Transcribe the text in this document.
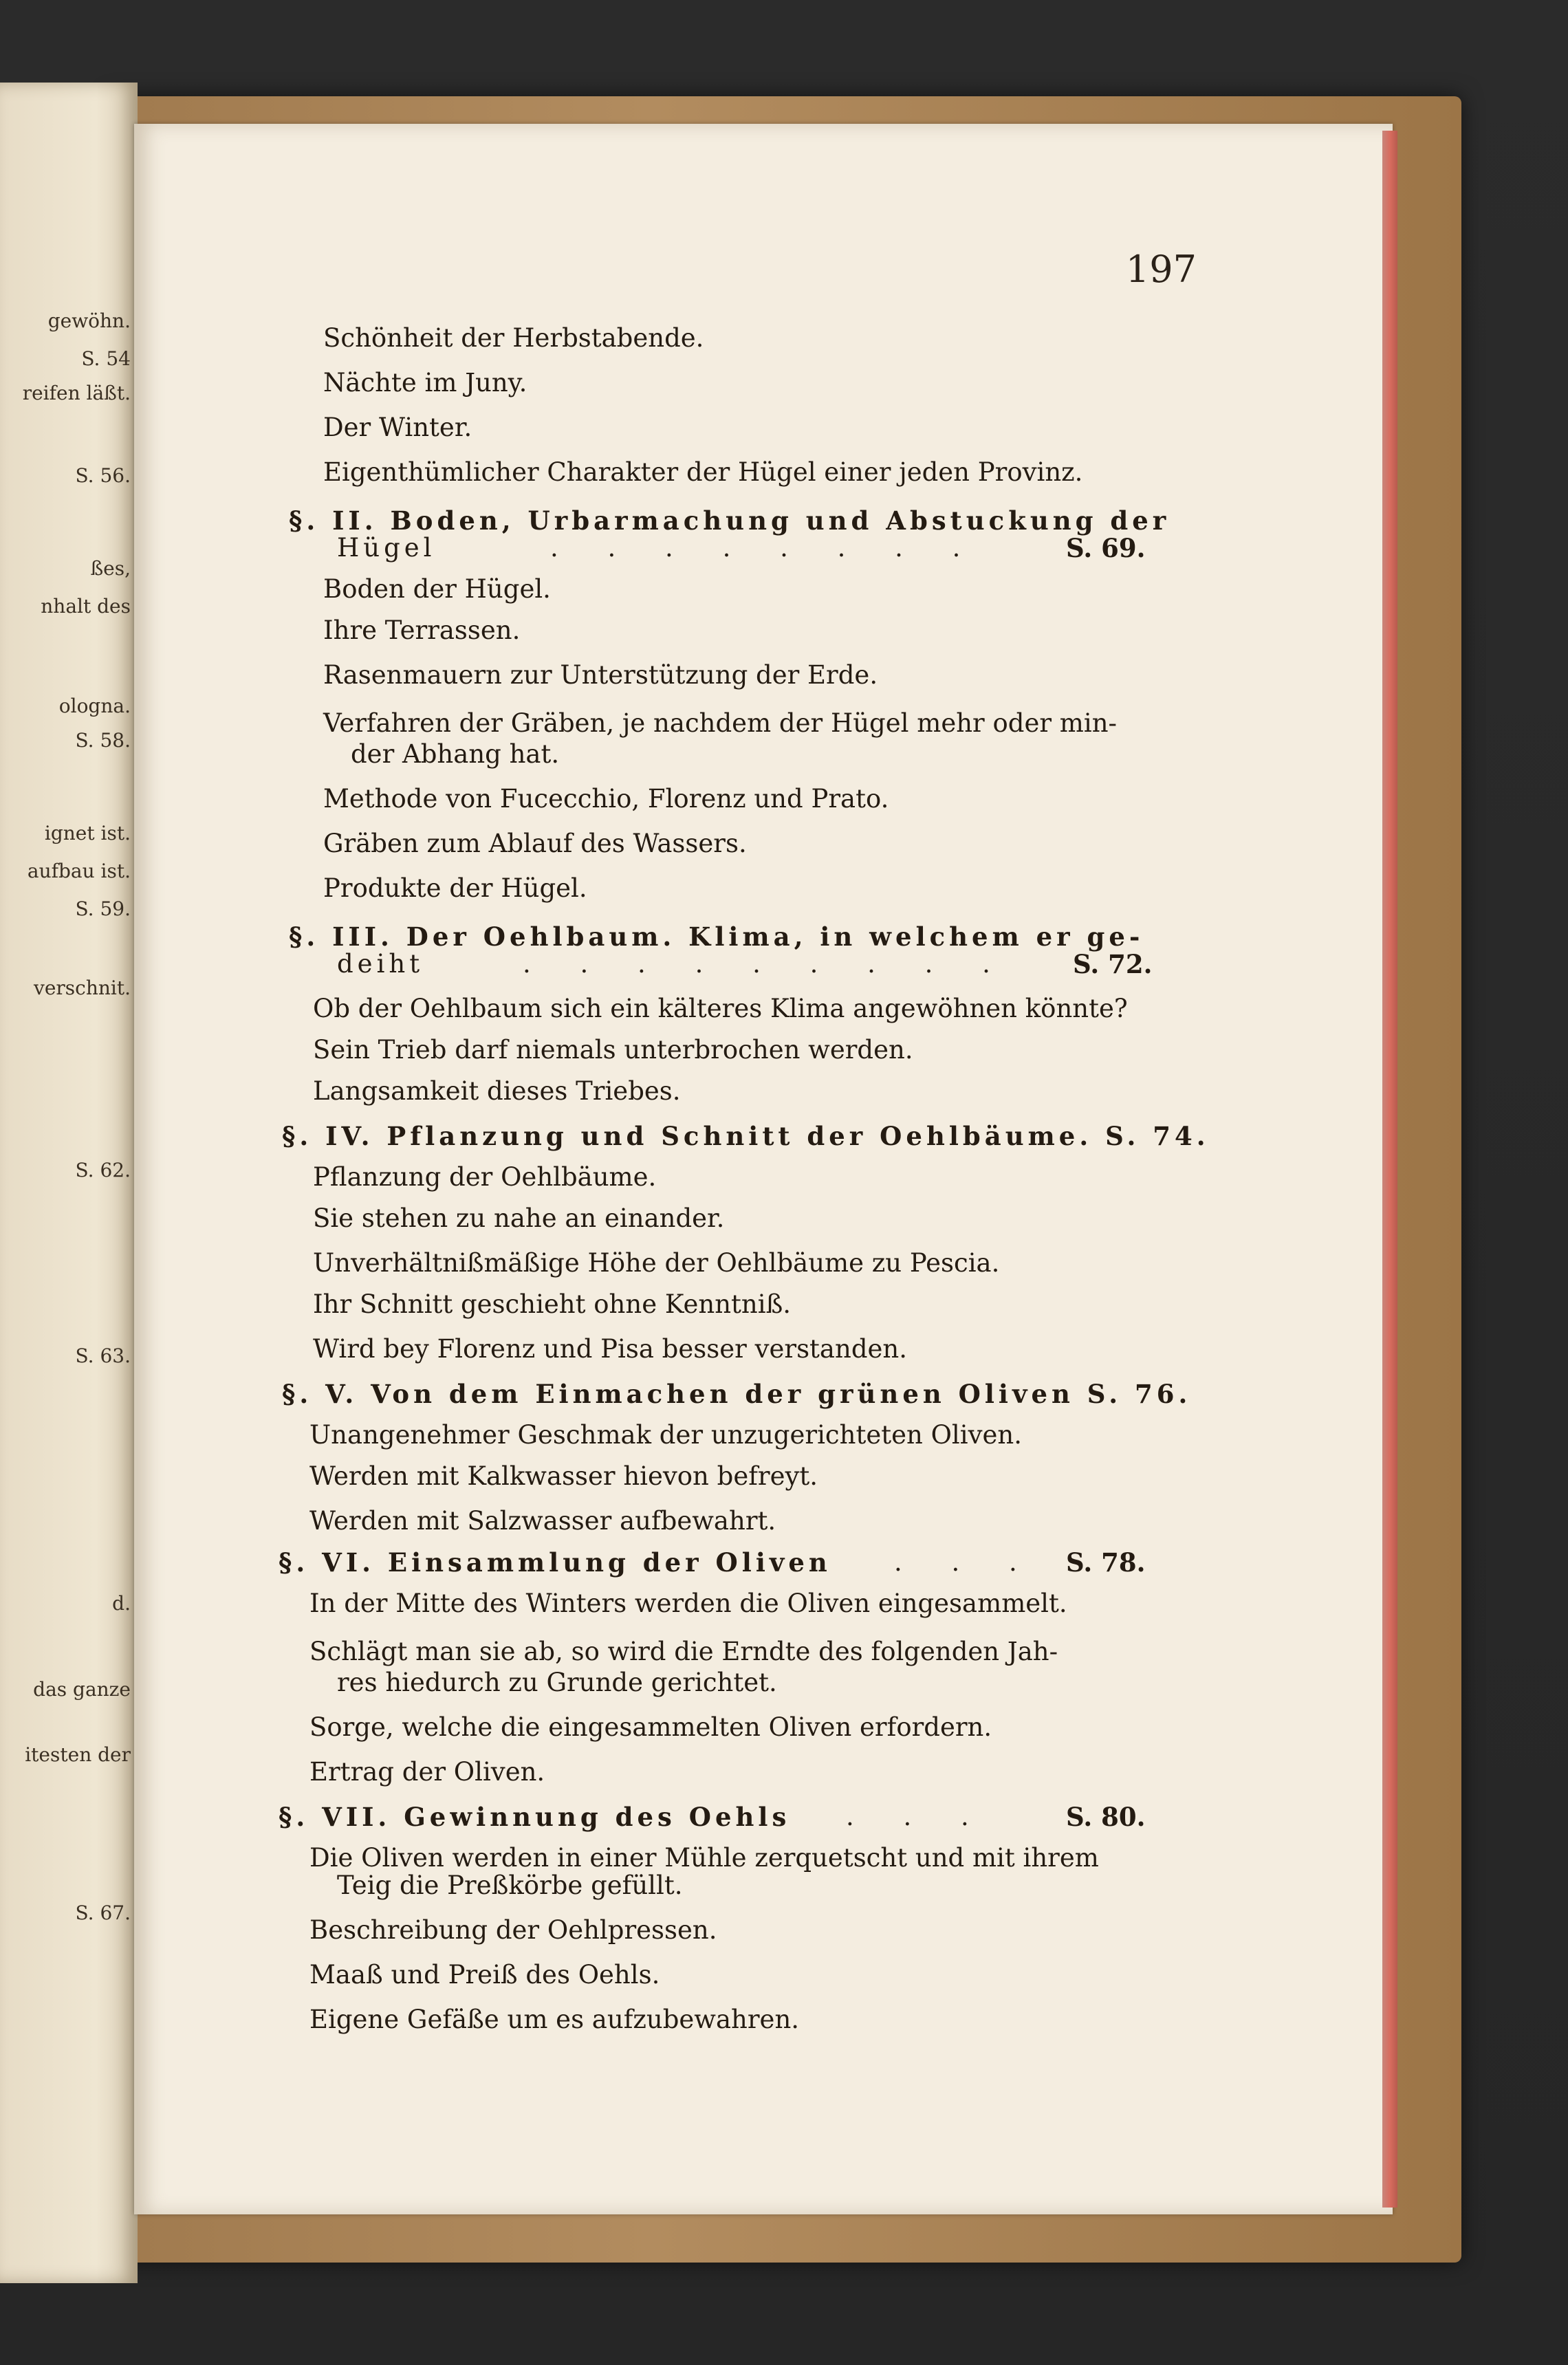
gewöhn.
S. 54
reifen läßt.
S. 56.
ßes,
nhalt des
ologna.
S. 58.
ignet ist.
aufbau ist.
S. 59.
verschnit.
S. 62.
S. 63.
d.
das ganze
itesten der
S. 67.
197
Schönheit der Herbstabende.
Nächte im Juny.
Der Winter.
Eigenthümlicher Charakter der Hügel einer jeden Provinz.
§. II. Boden, Urbarmachung und Abstuckung der
Hügel	. . . . . . . .	S. 69.
Boden der Hügel.
Ihre Terrassen.
Rasenmauern zur Unterstützung der Erde.
Verfahren der Gräben, je nachdem der Hügel mehr oder min-
der Abhang hat.
Methode von Fucecchio, Florenz und Prato.
Gräben zum Ablauf des Wassers.
Produkte der Hügel.
§. III. Der Oehlbaum. Klima, in welchem er ge-
deiht	. . . . . . . . . S. 72.
Ob der Oehlbaum sich ein kälteres Klima angewöhnen könnte?
Sein Trieb darf niemals unterbrochen werden.
Langsamkeit dieses Triebes.
§. IV. Pflanzung und Schnitt der Oehlbäume. S. 74.
Pflanzung der Oehlbäume.
Sie stehen zu nahe an einander.
Unverhältnißmäßige Höhe der Oehlbäume zu Pescia.
Ihr Schnitt geschieht ohne Kenntniß.
Wird bey Florenz und Pisa besser verstanden.
§. V. Von dem Einmachen der grünen Oliven S. 76.
Unangenehmer Geschmak der unzugerichteten Oliven.
Werden mit Kalkwasser hievon befreyt.
Werden mit Salzwasser aufbewahrt.
§. VI. Einsammlung der Oliven . . . S. 78.
In der Mitte des Winters werden die Oliven eingesammelt.
Schlägt man sie ab, so wird die Erndte des folgenden Jah-
res hiedurch zu Grunde gerichtet.
Sorge, welche die eingesammelten Oliven erfordern.
Ertrag der Oliven.
§. VII. Gewinnung des Oehls . . .	S. 80.
Die Oliven werden in einer Mühle zerquetscht und mit ihrem
Teig die Preßkörbe gefüllt.
Beschreibung der Oehlpressen.
Maaß und Preiß des Oehls.
Eigene Gefäße um es aufzubewahren.
